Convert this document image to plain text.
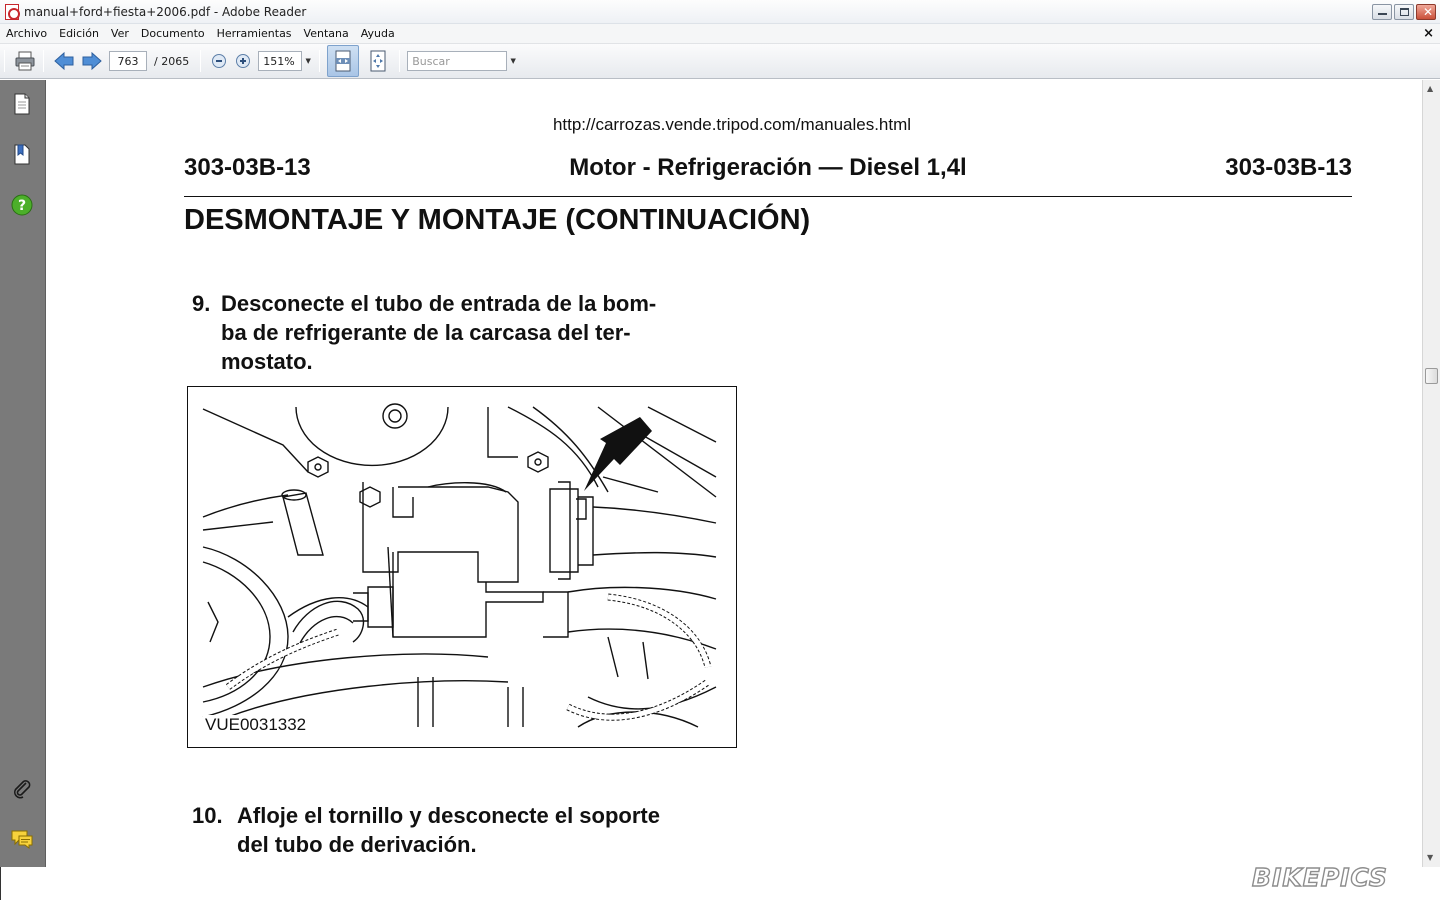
manual+ford+fiesta+2006.pdf - Adobe Reader	✕
Archivo	Edición	Ver	Documento	Herramientas	Ventana	Ayuda	×
763
/ 2065
151%	▼
Buscar	▼
?
http://carrozas.vende.tripod.com/manuales.html
303-03B-13	Motor - Refrigeración — Diesel 1,4l	303-03B-13
DESMONTAJE Y MONTAJE (CONTINUACIÓN)
9. Desconecte el tubo de entrada de la bom-
ba de refrigerante de la carcasa del ter-
mostato.
VUE0031332
10. Afloje el tornillo y desconecte el soporte
del tubo de derivación.
▲
▼
BIKEPICS
